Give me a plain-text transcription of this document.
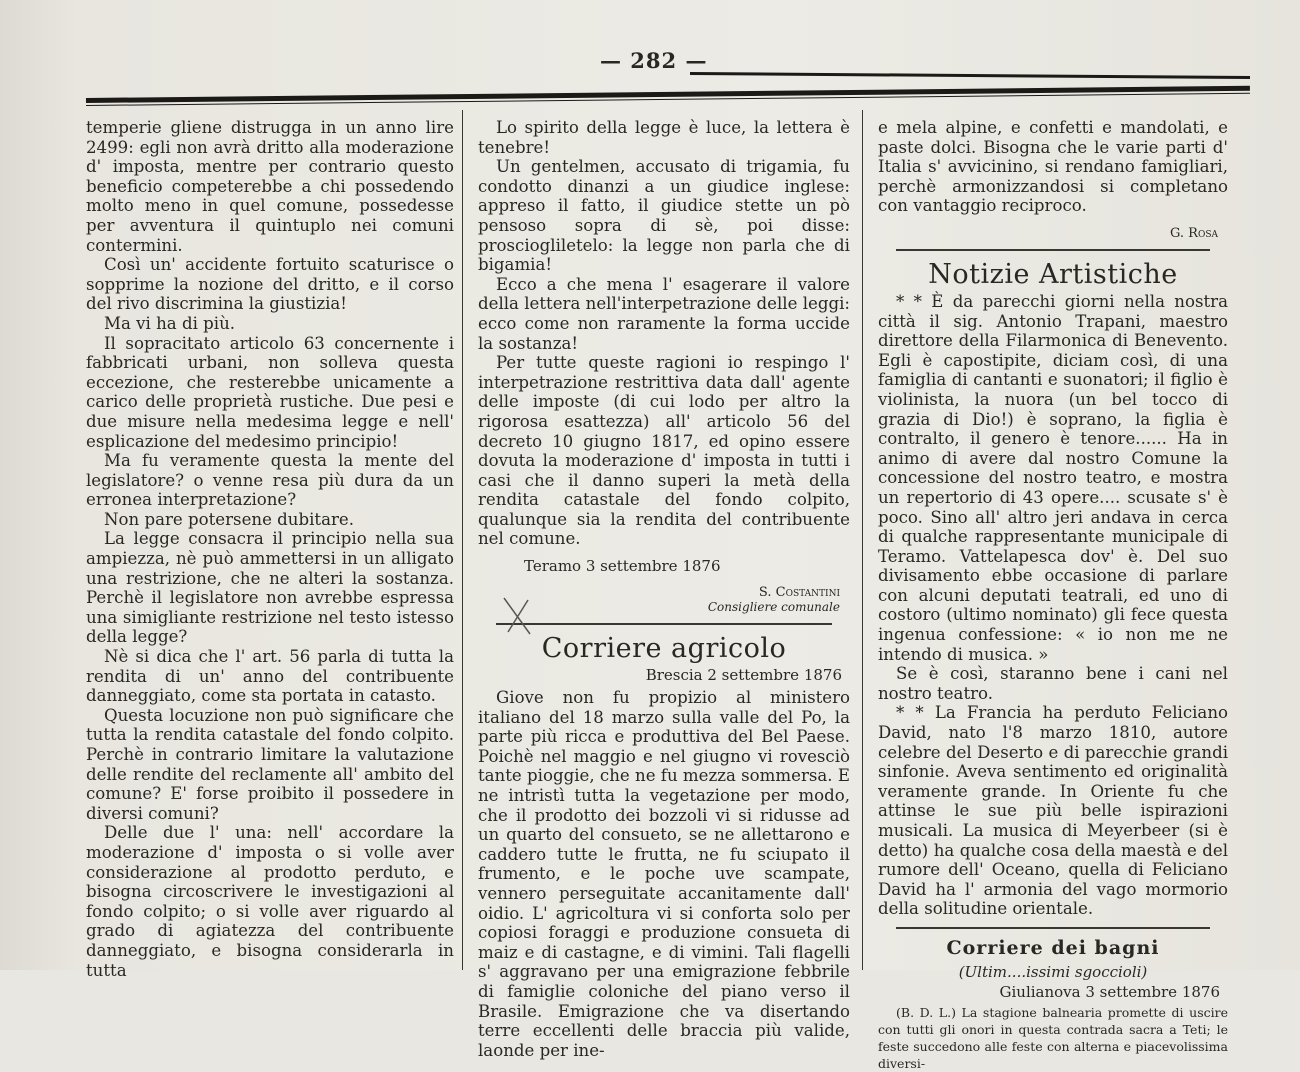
— 282 —

temperie gliene distrugga in un anno lire 2499: egli non avrà dritto alla moderazione d' imposta, mentre per contrario questo beneficio competerebbe a chi possedendo molto meno in quel comune, possedesse per avventura il quintuplo nei comuni contermini.

Così un' accidente fortuito scaturisce o sopprime la nozione del dritto, e il corso del rivo discrimina la giustizia!

Ma vi ha di più.

Il sopracitato articolo 63 concernente i fabbricati urbani, non solleva questa eccezione, che resterebbe unicamente a carico delle proprietà rustiche. Due pesi e due misure nella medesima legge e nell' esplicazione del medesimo principio!

Ma fu veramente questa la mente del legislatore? o venne resa più dura da un erronea interpretazione?

Non pare potersene dubitare.

La legge consacra il principio nella sua ampiezza, nè può ammettersi in un alligato una restrizione, che ne alteri la sostanza. Perchè il legislatore non avrebbe espressa una simigliante restrizione nel testo istesso della legge?

Nè si dica che l' art. 56 parla di tutta la rendita di un' anno del contribuente danneggiato, come sta portata in catasto.

Questa locuzione non può significare che tutta la rendita catastale del fondo colpito. Perchè in contrario limitare la valutazione delle rendite del reclamente all' ambito del comune? E' forse proibito il possedere in diversi comuni?

Delle due l' una: nell' accordare la moderazione d' imposta o si volle aver considerazione al prodotto perduto, e bisogna circoscrivere le investigazioni al fondo colpito; o si volle aver riguardo al grado di agiatezza del contribuente danneggiato, e bisogna considerarla in tutta

Lo spirito della legge è luce, la lettera è tenebre!

Un gentelmen, accusato di trigamia, fu condotto dinanzi a un giudice inglese: appreso il fatto, il giudice stette un pò pensoso sopra di sè, poi disse: prosciogliletelo: la legge non parla che di bigamia!

Ecco a che mena l' esagerare il valore della lettera nell'interpetrazione delle leggi: ecco come non raramente la forma uccide la sostanza!

Per tutte queste ragioni io respingo l' interpetrazione restrittiva data dall' agente delle imposte (di cui lodo per altro la rigorosa esattezza) all' articolo 56 del decreto 10 giugno 1817, ed opino essere dovuta la moderazione d' imposta in tutti i casi che il danno superi la metà della rendita catastale del fondo colpito, qualunque sia la rendita del contribuente nel comune.

Teramo 3 settembre 1876
S. Costantini
Consigliere comunale
Corriere agricolo
Brescia 2 settembre 1876

Giove non fu propizio al ministero italiano del 18 marzo sulla valle del Po, la parte più ricca e produttiva del Bel Paese. Poichè nel maggio e nel giugno vi rovesciò tante pioggie, che ne fu mezza sommersa. E ne intristì tutta la vegetazione per modo, che il prodotto dei bozzoli vi si ridusse ad un quarto del consueto, se ne allettarono e caddero tutte le frutta, ne fu sciupato il frumento, e le poche uve scampate, vennero perseguitate accanitamente dall' oidio. L' agricoltura vi si conforta solo per copiosi foraggi e produzione consueta di maiz e di castagne, e di vimini. Tali flagelli s' aggravano per una emigrazione febbrile di famiglie coloniche del piano verso il Brasile. Emigrazione che va disertando terre eccellenti delle braccia più valide, laonde per ine-

e mela alpine, e confetti e mandolati, e paste dolci. Bisogna che le varie parti d' Italia s' avvicinino, si rendano famigliari, perchè armonizzandosi si completano con vantaggio reciproco.

G. Rosa
Notizie Artistiche

* * È da parecchi giorni nella nostra città il sig. Antonio Trapani, maestro direttore della Filarmonica di Benevento. Egli è capostipite, diciam così, di una famiglia di cantanti e suonatori; il figlio è violinista, la nuora (un bel tocco di grazia di Dio!) è soprano, la figlia è contralto, il genero è tenore...... Ha in animo di avere dal nostro Comune la concessione del nostro teatro, e mostra un repertorio di 43 opere.... scusate s' è poco. Sino all' altro jeri andava in cerca di qualche rappresentante municipale di Teramo. Vattelapesca dov' è. Del suo divisamento ebbe occasione di parlare con alcuni deputati teatrali, ed uno di costoro (ultimo nominato) gli fece questa ingenua confessione: « io non me ne intendo di musica. »

Se è così, staranno bene i cani nel nostro teatro.

* * La Francia ha perduto Feliciano David, nato l'8 marzo 1810, autore celebre del Deserto e di parecchie grandi sinfonie. Aveva sentimento ed originalità veramente grande. In Oriente fu che attinse le sue più belle ispirazioni musicali. La musica di Meyerbeer (si è detto) ha qualche cosa della maestà e del rumore dell' Oceano, quella di Feliciano David ha l' armonia del vago mormorio della solitudine orientale.

Corriere dei bagni
(Ultim....issimi sgoccioli)
Giulianova 3 settembre 1876

(B. D. L.) La stagione balnearia promette di uscire con tutti gli onori in questa contrada sacra a Teti; le feste succedono alle feste con alterna e piacevolissima diversi-
